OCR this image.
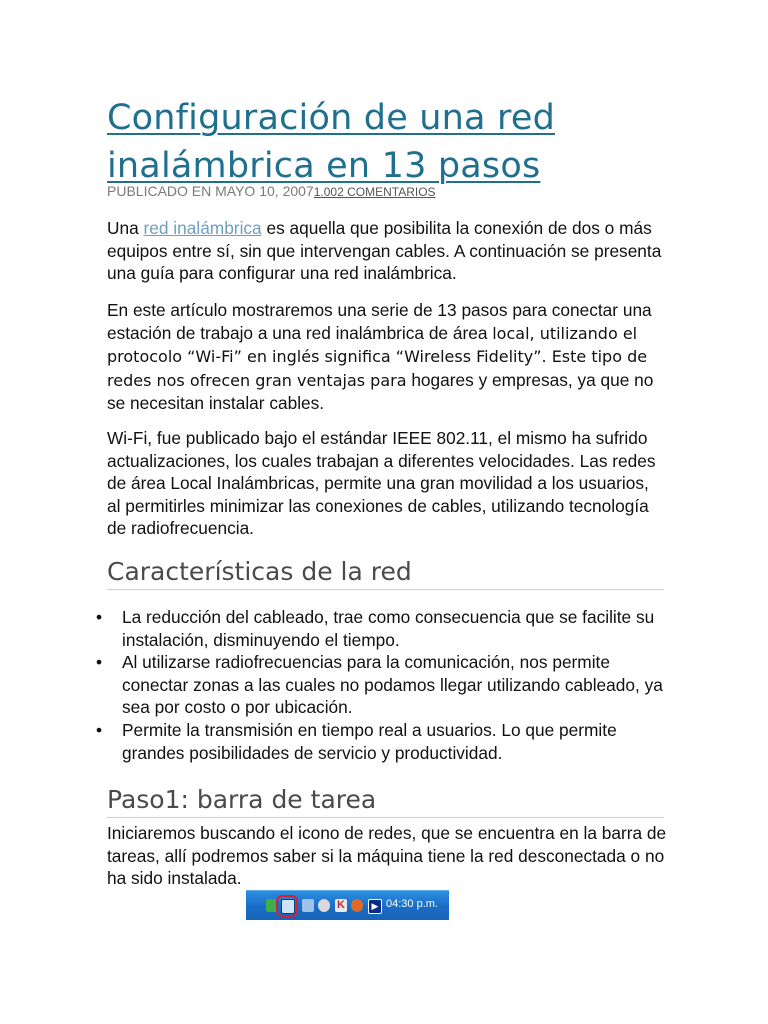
Configuración de una red inalámbrica en 13 pasos
PUBLICADO EN MAYO 10, 20071.002 COMENTARIOS

Una red inalámbrica es aquella que posibilita la conexión de dos o más equipos entre sí, sin que intervengan cables. A continuación se presenta una guía para configurar una red inalámbrica.

En este artículo mostraremos una serie de 13 pasos para conectar una estación de trabajo a una red inalámbrica de área local, utilizando el protocolo “Wi-Fi” en inglés significa “Wireless Fidelity”. Este tipo de redes nos ofrecen gran ventajas para hogares y empresas, ya que no se necesitan instalar cables.

Wi-Fi, fue publicado bajo el estándar IEEE 802.11, el mismo ha sufrido actualizaciones, los cuales trabajan a diferentes velocidades. Las redes de área Local Inalámbricas, permite una gran movilidad a los usuarios, al permitirles minimizar las conexiones de cables, utilizando tecnología de radiofrecuencia.

Características de la red
• La reducción del cableado, trae como consecuencia que se facilite su instalación, disminuyendo el tiempo.
• Al utilizarse radiofrecuencias para la comunicación, nos permite conectar zonas a las cuales no podamos llegar utilizando cableado, ya sea por costo o por ubicación.
• Permite la transmisión en tiempo real a usuarios. Lo que permite grandes posibilidades de servicio y productividad.
Paso1: barra de tarea

Iniciaremos buscando el icono de redes, que se encuentra en la barra de tareas, allí podremos saber si la máquina tiene la red desconectada o no ha sido instalada.

K	▶ 04:30 p.m.
